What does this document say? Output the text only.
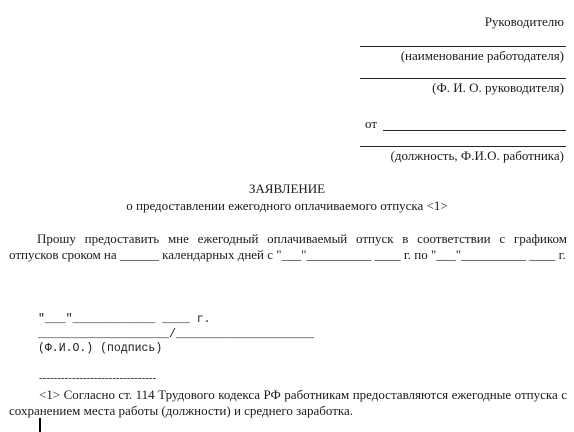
Руководителю
(наименование работодателя)
(Ф. И. О. руководителя)
от
(должность, Ф.И.О. работника)
ЗАЯВЛЕНИЕ
о предоставлении ежегодного оплачиваемого отпуска <1>
Прошу предоставить мне ежегодный оплачиваемый отпуск в соответствии с графиком отпусков сроком на ______ календарных дней с "___"__________ ____ г. по "___"__________ ____ г.
"___"____________ ____ г.
___________________/____________________
(Ф.И.О.) (подпись)
--------------------------------
<1> Согласно ст. 114 Трудового кодекса РФ работникам предоставляются ежегодные отпуска с сохранением места работы (должности) и среднего заработка.
